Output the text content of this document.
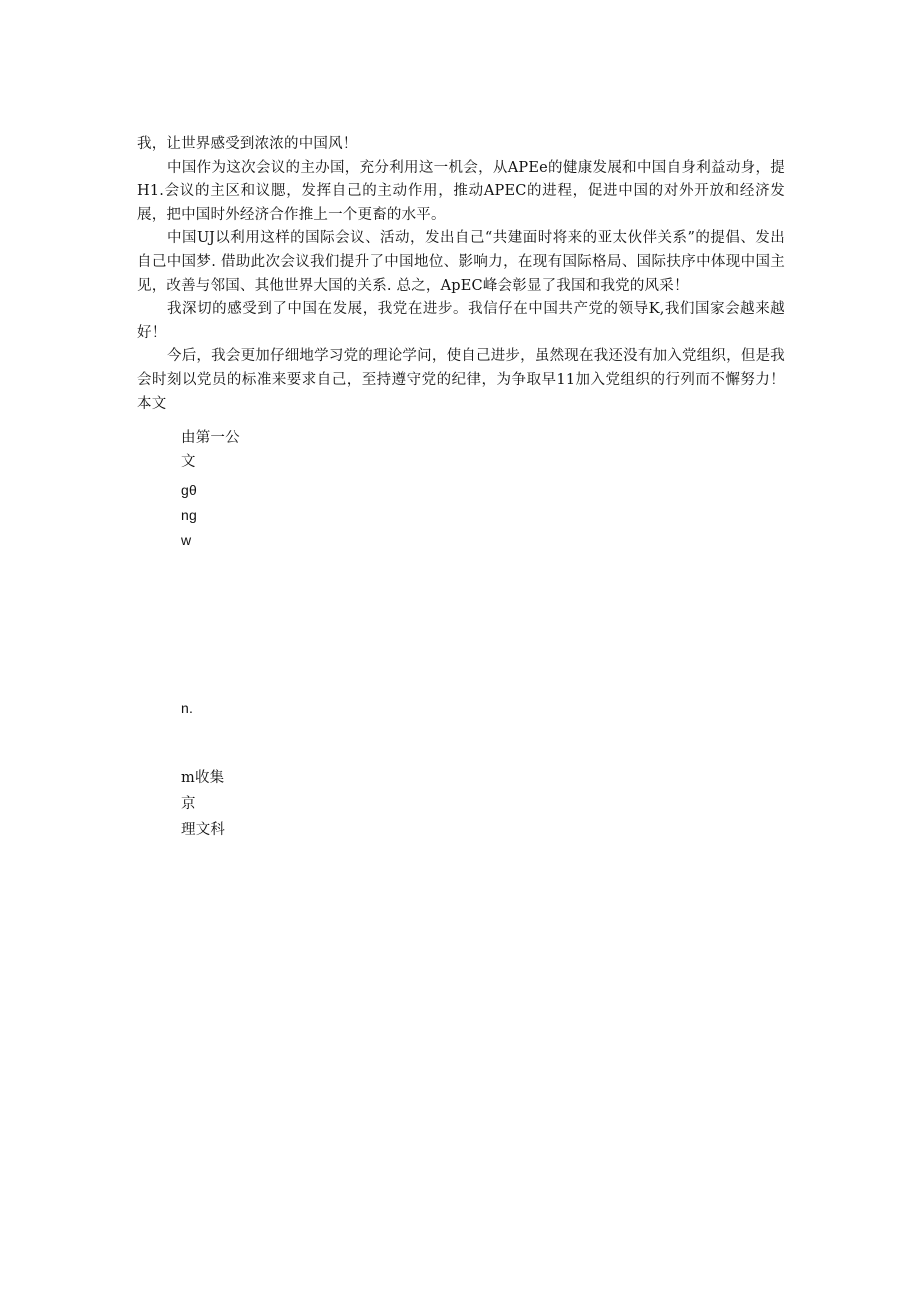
我，让世界感受到浓浓的中国风！

中国作为这次会议的主办国，充分利用这一机会，从APEe的健康发展和中国自身利益动身，提H1.会议的主区和议腮，发挥自己的主动作用，推动APEC的进程，促进中国的对外开放和经济发展，把中国时外经济合作推上一个更畜的水平。

中国UJ以利用这样的国际会议、活动，发出自己“共建面时将来的亚太伙伴关系”的提倡、发出自己中国梦. 借助此次会议我们提升了中国地位、影响力，在现有国际格局、国际扶序中体现中国主见，改善与邻国、其他世界大国的关系. 总之，ApEC峰会彰显了我国和我党的风采！

我深切的感受到了中国在发展，我党在进步。我信仔在中国共产党的领导K,我们国家会越来越好！

今后，我会更加仔细地学习党的理论学问，使自己进步，虽然现在我还没有加入党组织，但是我会时刻以党员的标准来要求自己，至持遵守党的纪律，为争取早11加入党组织的行列而不懈努力！本文

由第一公
文
gθ
ng
w
n.
m收集
京
理文科
